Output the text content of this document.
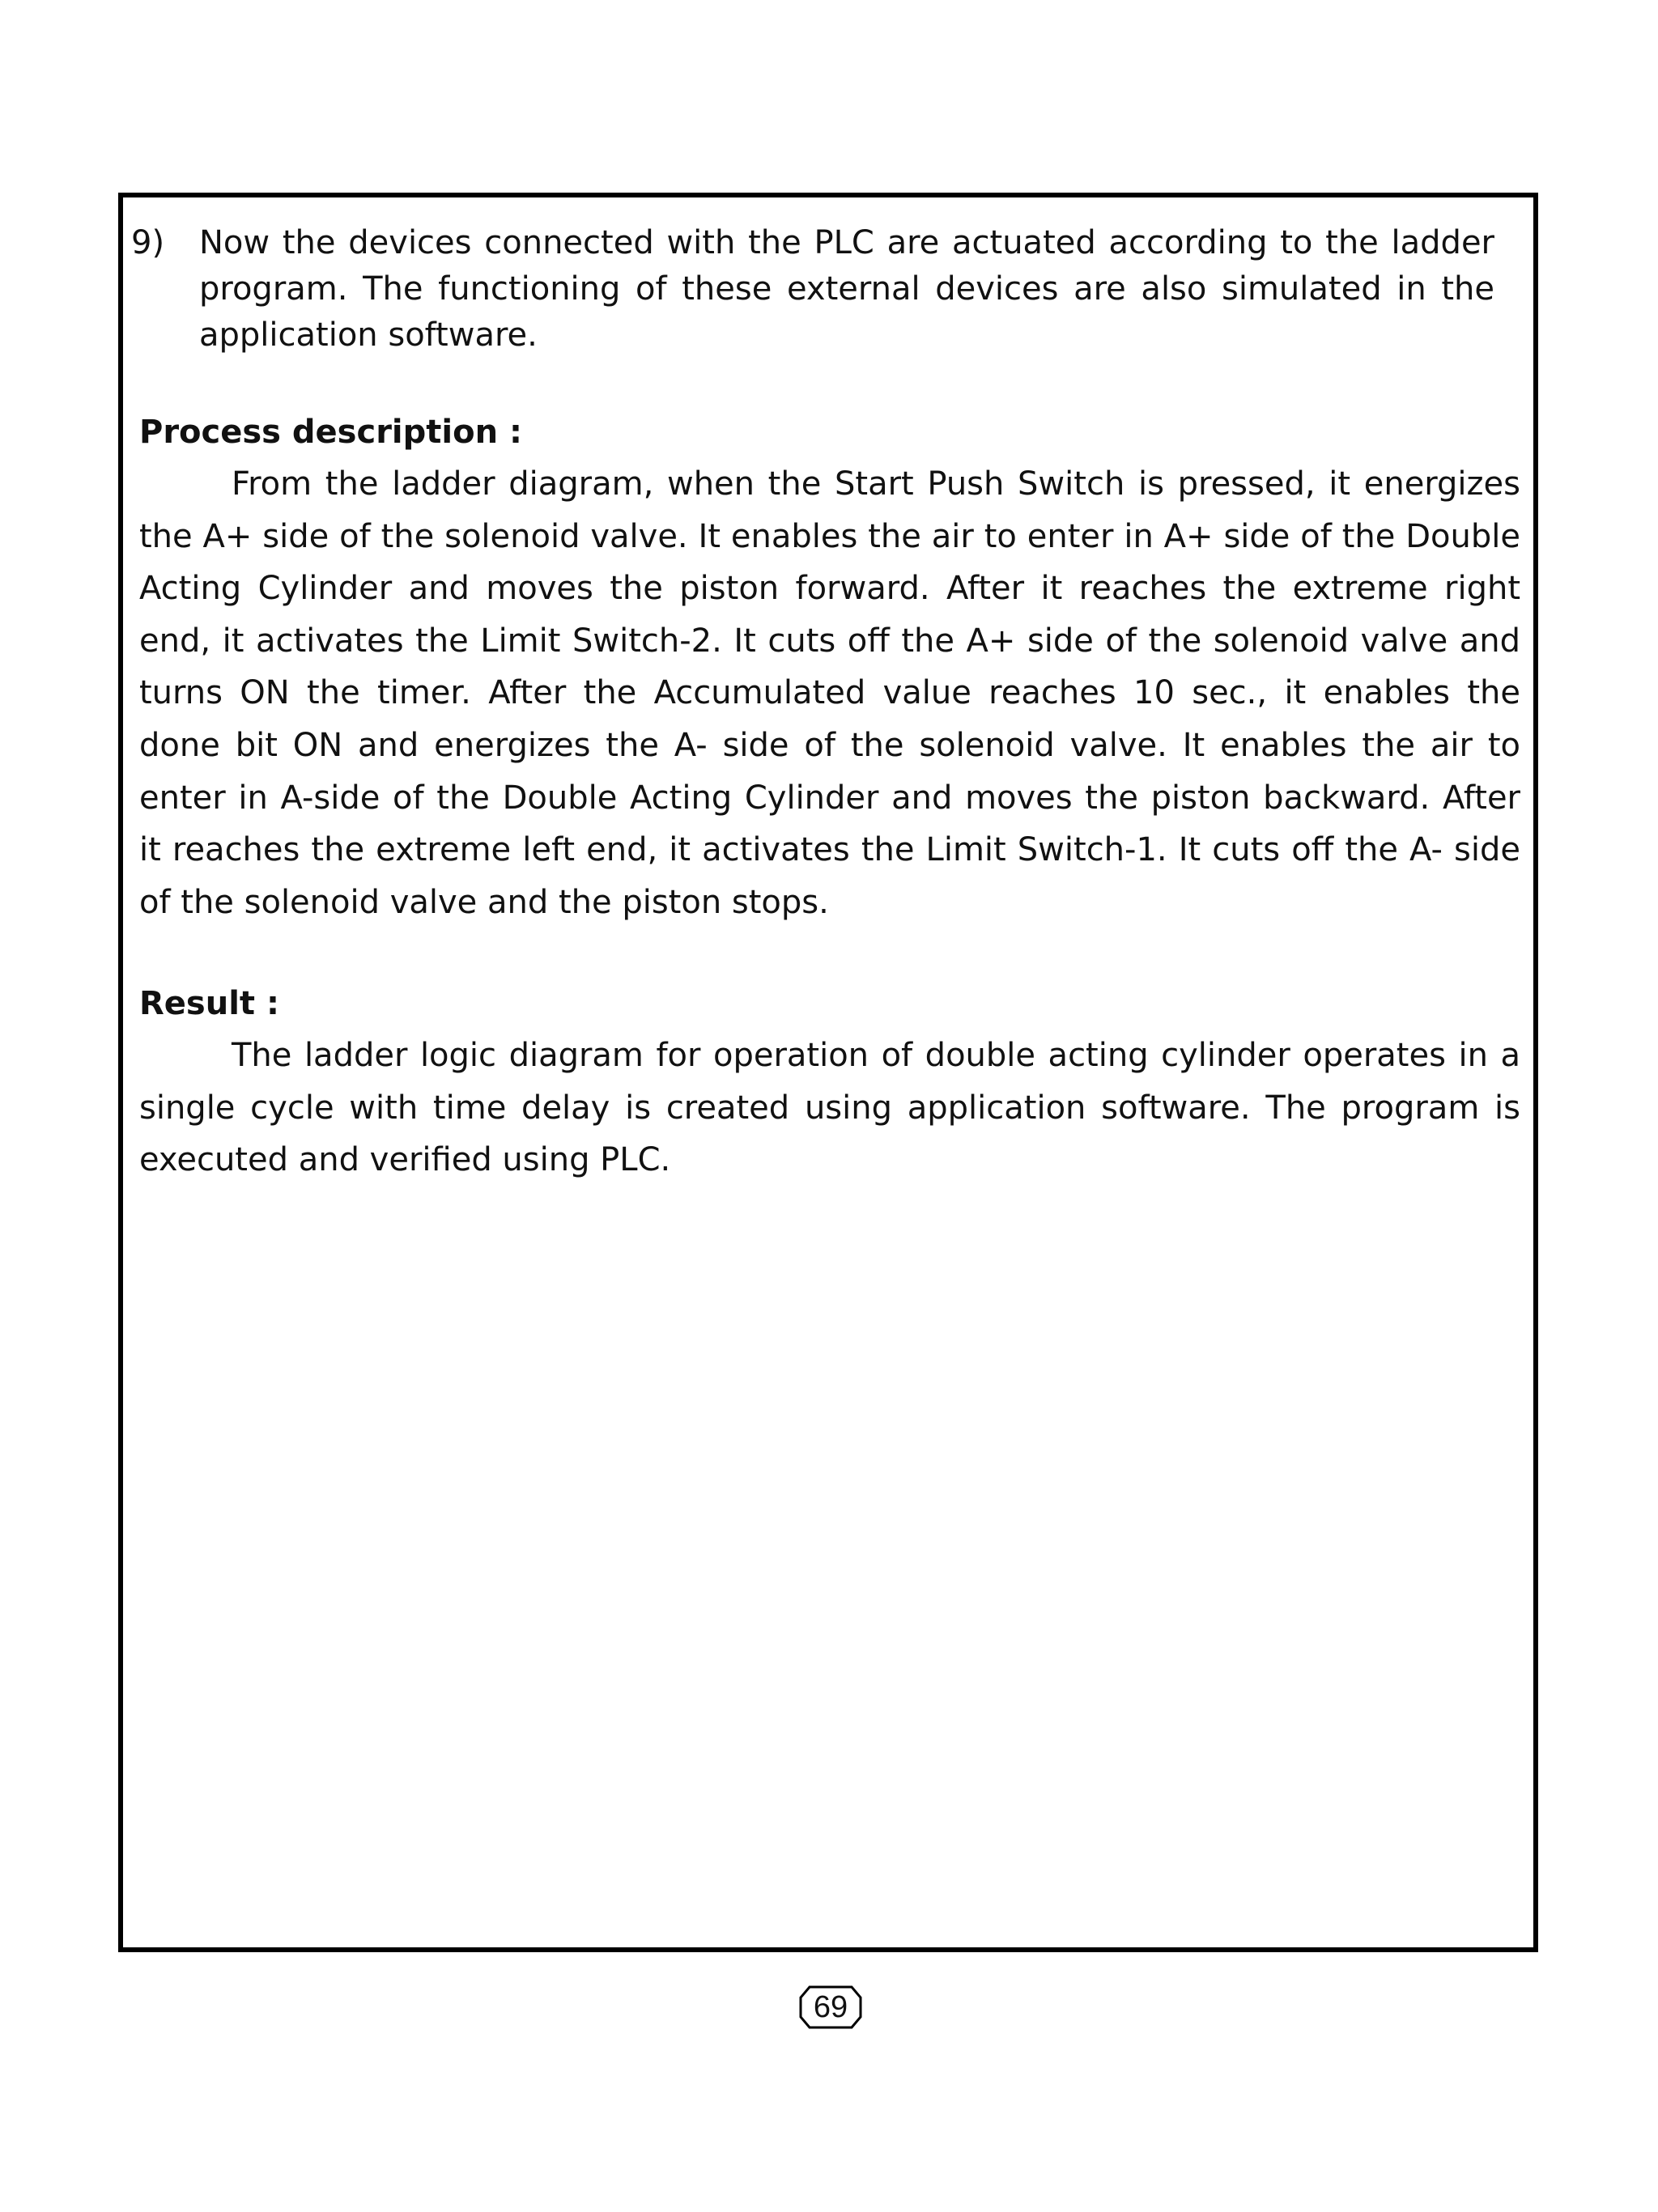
9) Now the devices connected with the PLC are actuated according to the ladder program. The functioning of these external devices are also simulated in the application software.
Process description :
From the ladder diagram, when the Start Push Switch is pressed, it energizes the A+ side of the solenoid valve. It enables the air to enter in A+ side of the Double Acting Cylinder and moves the piston forward. After it reaches the extreme right end, it activates the Limit Switch-2. It cuts off the A+ side of the solenoid valve and turns ON the timer. After the Accumulated value reaches 10 sec., it enables the done bit ON and energizes the A- side of the solenoid valve. It enables the air to enter in A-side of the Double Acting Cylinder and moves the piston backward. After it reaches the extreme left end, it activates the Limit Switch-1. It cuts off the A- side of the solenoid valve and the piston stops.
Result :
The ladder logic diagram for operation of double acting cylinder operates in a single cycle with time delay is created using application software. The program is executed and verified using PLC.
69
